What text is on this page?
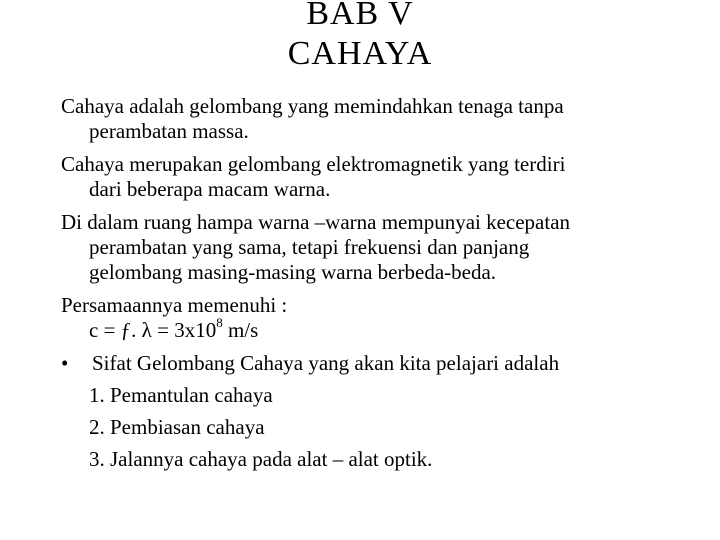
BAB V
CAHAYA
Cahaya adalah gelombang yang memindahkan tenaga tanpa
perambatan massa.
Cahaya merupakan gelombang elektromagnetik yang terdiri
dari beberapa macam warna.
Di dalam ruang hampa warna –warna mempunyai kecepatan
perambatan yang sama, tetapi frekuensi dan panjang
gelombang masing-masing warna berbeda-beda.
Persamaannya memenuhi :
c = ƒ. $\lambda = 3x10^8$ m/s
•	Sifat Gelombang Cahaya yang akan kita pelajari adalah
1. Pemantulan cahaya
2. Pembiasan cahaya
3. Jalannya cahaya pada alat – alat optik.
